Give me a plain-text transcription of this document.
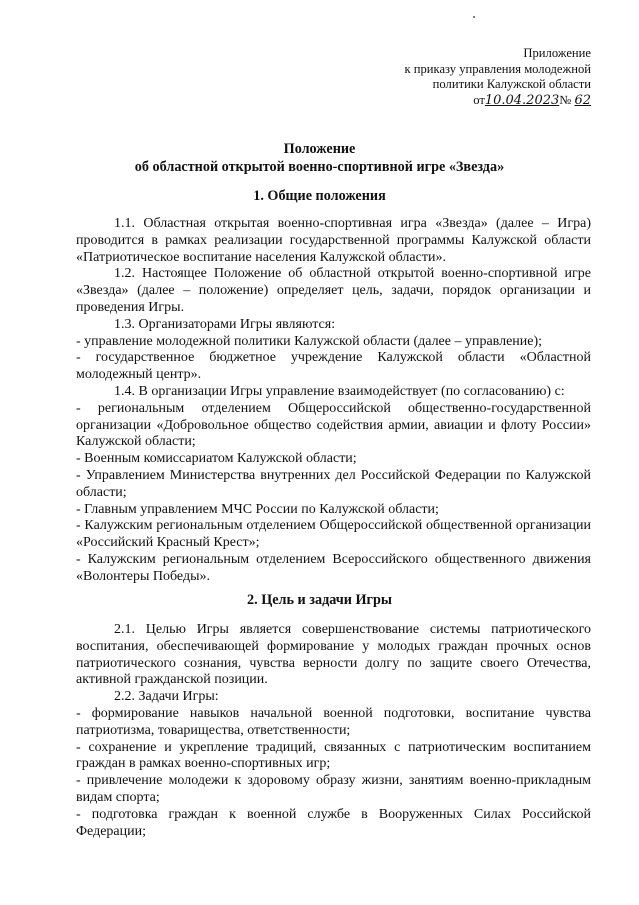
Приложение
к приказу управления молодежной
политики Калужской области
от10.04.2023№ 62
Положение
об областной открытой военно-спортивной игре «Звезда»
1. Общие положения

1.1. Областная открытая военно-спортивная игра «Звезда» (далее – Игра) проводится в рамках реализации государственной программы Калужской области «Патриотическое воспитание населения Калужской области».

1.2. Настоящее Положение об областной открытой военно-спортивной игре «Звезда» (далее – положение) определяет цель, задачи, порядок организации и проведения Игры.

1.3. Организаторами Игры являются:

- управление молодежной политики Калужской области (далее – управление);

- государственное бюджетное учреждение Калужской области «Областной молодежный центр».

1.4. В организации Игры управление взаимодействует (по согласованию) с:

- региональным отделением Общероссийской общественно-государственной организации «Добровольное общество содействия армии, авиации и флоту России» Калужской области;

- Военным комиссариатом Калужской области;

- Управлением Министерства внутренних дел Российской Федерации по Калужской области;

- Главным управлением МЧС России по Калужской области;

- Калужским региональным отделением Общероссийской общественной организации «Российский Красный Крест»;

- Калужским региональным отделением Всероссийского общественного движения «Волонтеры Победы».

2. Цель и задачи Игры

2.1. Целью Игры является совершенствование системы патриотического воспитания, обеспечивающей формирование у молодых граждан прочных основ патриотического сознания, чувства верности долгу по защите своего Отечества, активной гражданской позиции.

2.2. Задачи Игры:

- формирование навыков начальной военной подготовки, воспитание чувства патриотизма, товарищества, ответственности;

- сохранение и укрепление традиций, связанных с патриотическим воспитанием граждан в рамках военно-спортивных игр;

- привлечение молодежи к здоровому образу жизни, занятиям военно-прикладным видам спорта;

- подготовка граждан к военной службе в Вооруженных Силах Российской Федерации;
